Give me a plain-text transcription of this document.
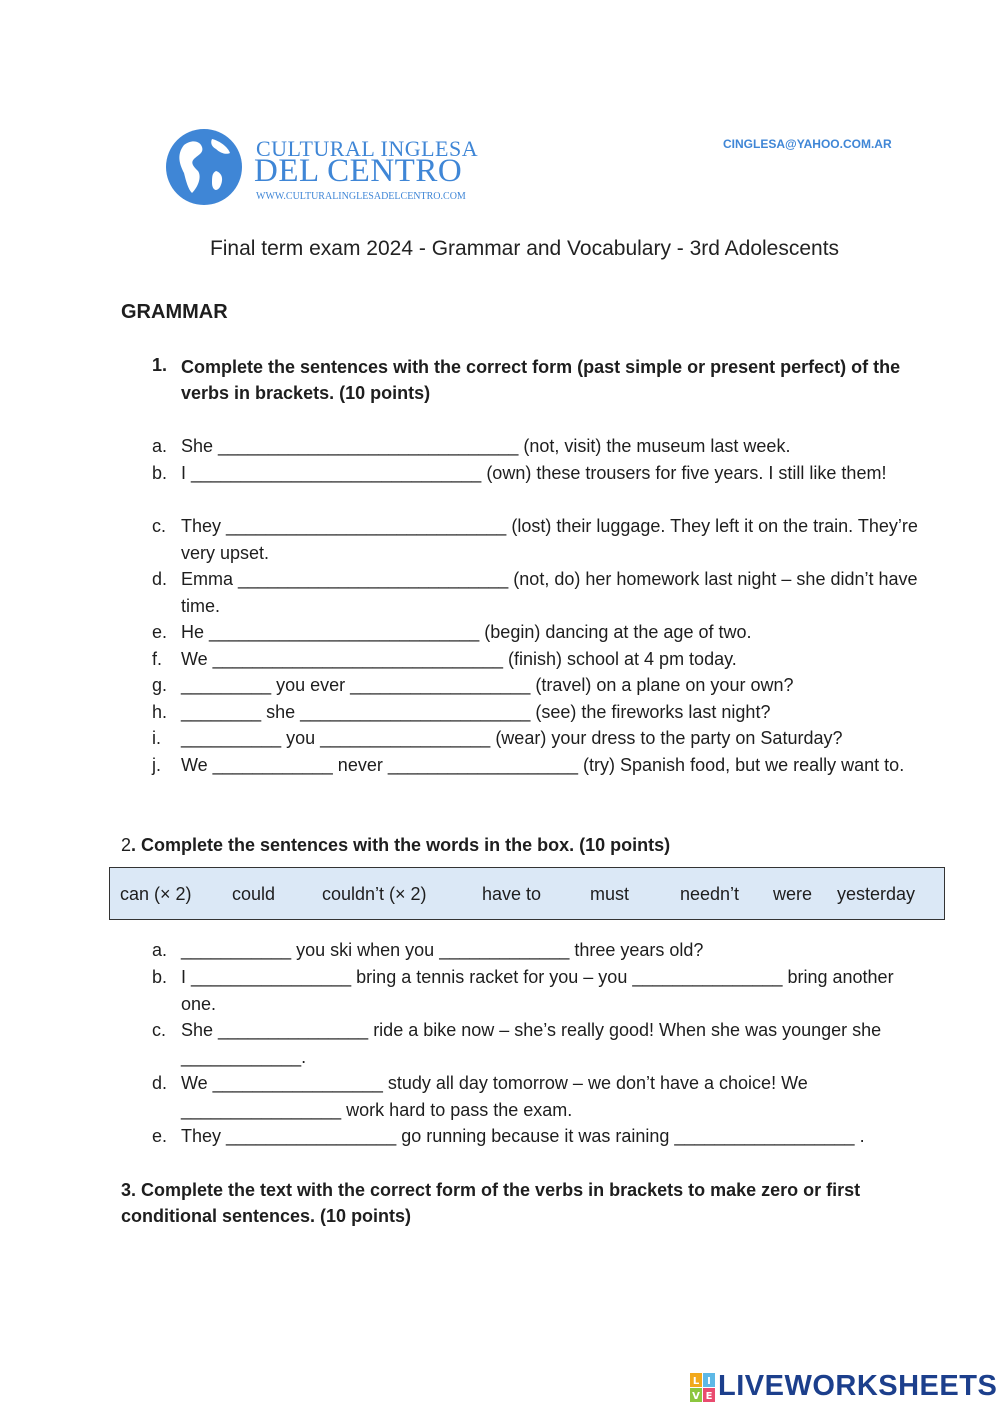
CULTURAL INGLESA
DEL CENTRO
WWW.CULTURALINGLESADELCENTRO.COM
CINGLESA@YAHOO.COM.AR
Final term exam 2024 - Grammar and Vocabulary - 3rd Adolescents
GRAMMAR
1. Complete the sentences with the correct form (past simple or present perfect) of the verbs in brackets. (10 points)
a. She ______________________________ (not, visit) the museum last week.
b. I _____________________________ (own) these trousers for five years. I still like them!
c. They ____________________________ (lost) their luggage. They left it on the train. They’re very upset.
d. Emma ___________________________ (not, do) her homework last night – she didn’t have time.
e. He ___________________________ (begin) dancing at the age of two.
f. We _____________________________ (finish) school at 4 pm today.
g. _________ you ever __________________ (travel) on a plane on your own?
h. ________ she _______________________ (see) the fireworks last night?
i. __________ you _________________ (wear) your dress to the party on Saturday?
j. We ____________ never ___________________ (try) Spanish food, but we really want to.
2. Complete the sentences with the words in the box. (10 points)
can (× 2) could	couldn’t (× 2)	have to	must	needn’t were yesterday
a. ___________ you ski when you _____________ three years old?
b. I ________________ bring a tennis racket for you – you _______________ bring another one.
c. She _______________ ride a bike now – she’s really good! When she was younger she ____________.
d. We _________________ study all day tomorrow – we don’t have a choice! We ________________ work hard to pass the exam.
e. They _________________ go running because it was raining __________________ .
3. Complete the text with the correct form of the verbs in brackets to make zero or first conditional sentences. (10 points)
L I
V E LIVEWORKSHEETS
